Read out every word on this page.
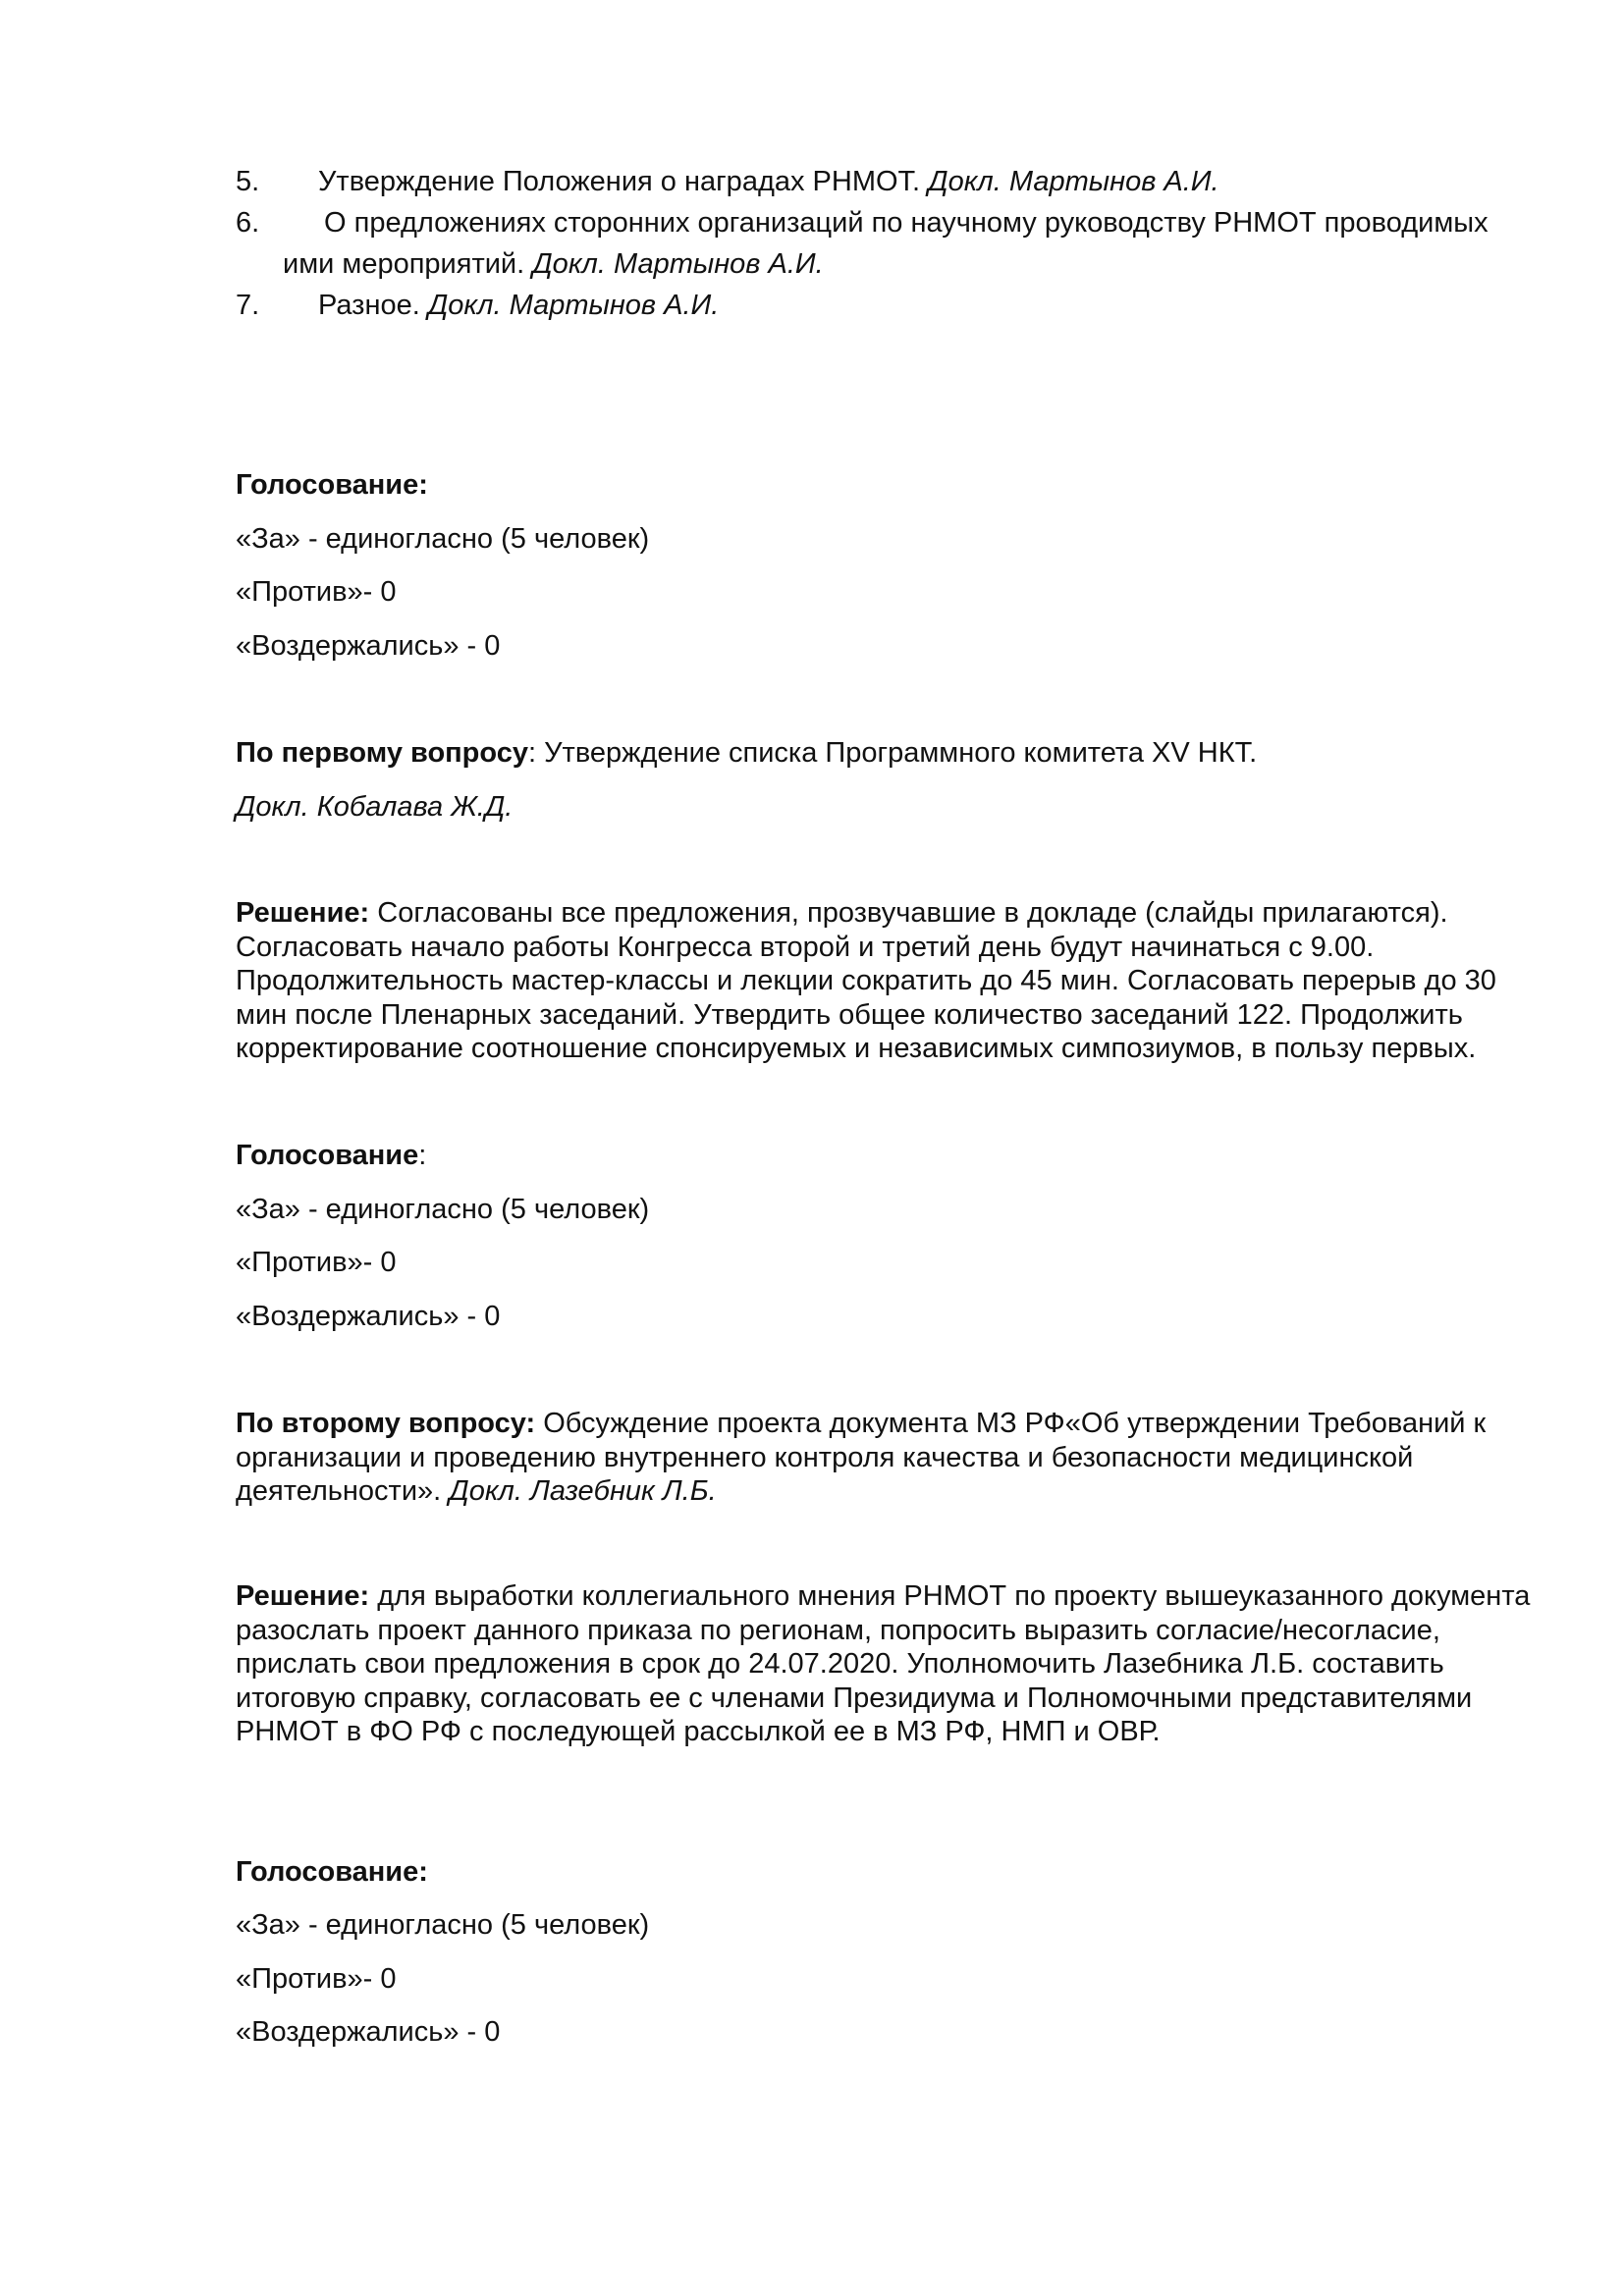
5.	Утверждение Положения о наградах РНМОТ. Докл. Мартынов А.И.
6.	О предложениях сторонних организаций по научному руководству РНМОТ проводимых
ими мероприятий. Докл. Мартынов А.И.
7.	Разное. Докл. Мартынов А.И.

Голосование:

«За» - единогласно (5 человек)

«Против»- 0

«Воздержались» - 0

По первому вопросу: Утверждение списка Программного комитета XV НКТ.

Докл. Кобалава Ж.Д.

Решение: Согласованы все предложения, прозвучавшие в докладе (слайды прилагаются). Согласовать начало работы Конгресса второй и третий день будут начинаться с 9.00. Продолжительность мастер-классы и лекции сократить до 45 мин. Согласовать перерыв до 30 мин после Пленарных заседаний. Утвердить общее количество заседаний 122. Продолжить корректирование соотношение спонсируемых и независимых симпозиумов, в пользу первых.

Голосование:

«За» - единогласно (5 человек)

«Против»- 0

«Воздержались» - 0

По второму вопросу: Обсуждение проекта документа МЗ РФ«Об утверждении Требований к организации и проведению внутреннего контроля качества и безопасности медицинской деятельности». Докл. Лазебник Л.Б.

Решение: для выработки коллегиального мнения РНМОТ по проекту вышеуказанного документа разослать проект данного приказа по регионам, попросить выразить согласие/несогласие, прислать свои предложения в срок до 24.07.2020. Уполномочить Лазебника Л.Б. составить итоговую справку, согласовать ее с членами Президиума и Полномочными представителями РНМОТ в ФО РФ с последующей рассылкой ее в МЗ РФ, НМП и ОВР.

Голосование:

«За» - единогласно (5 человек)

«Против»- 0

«Воздержались» - 0
